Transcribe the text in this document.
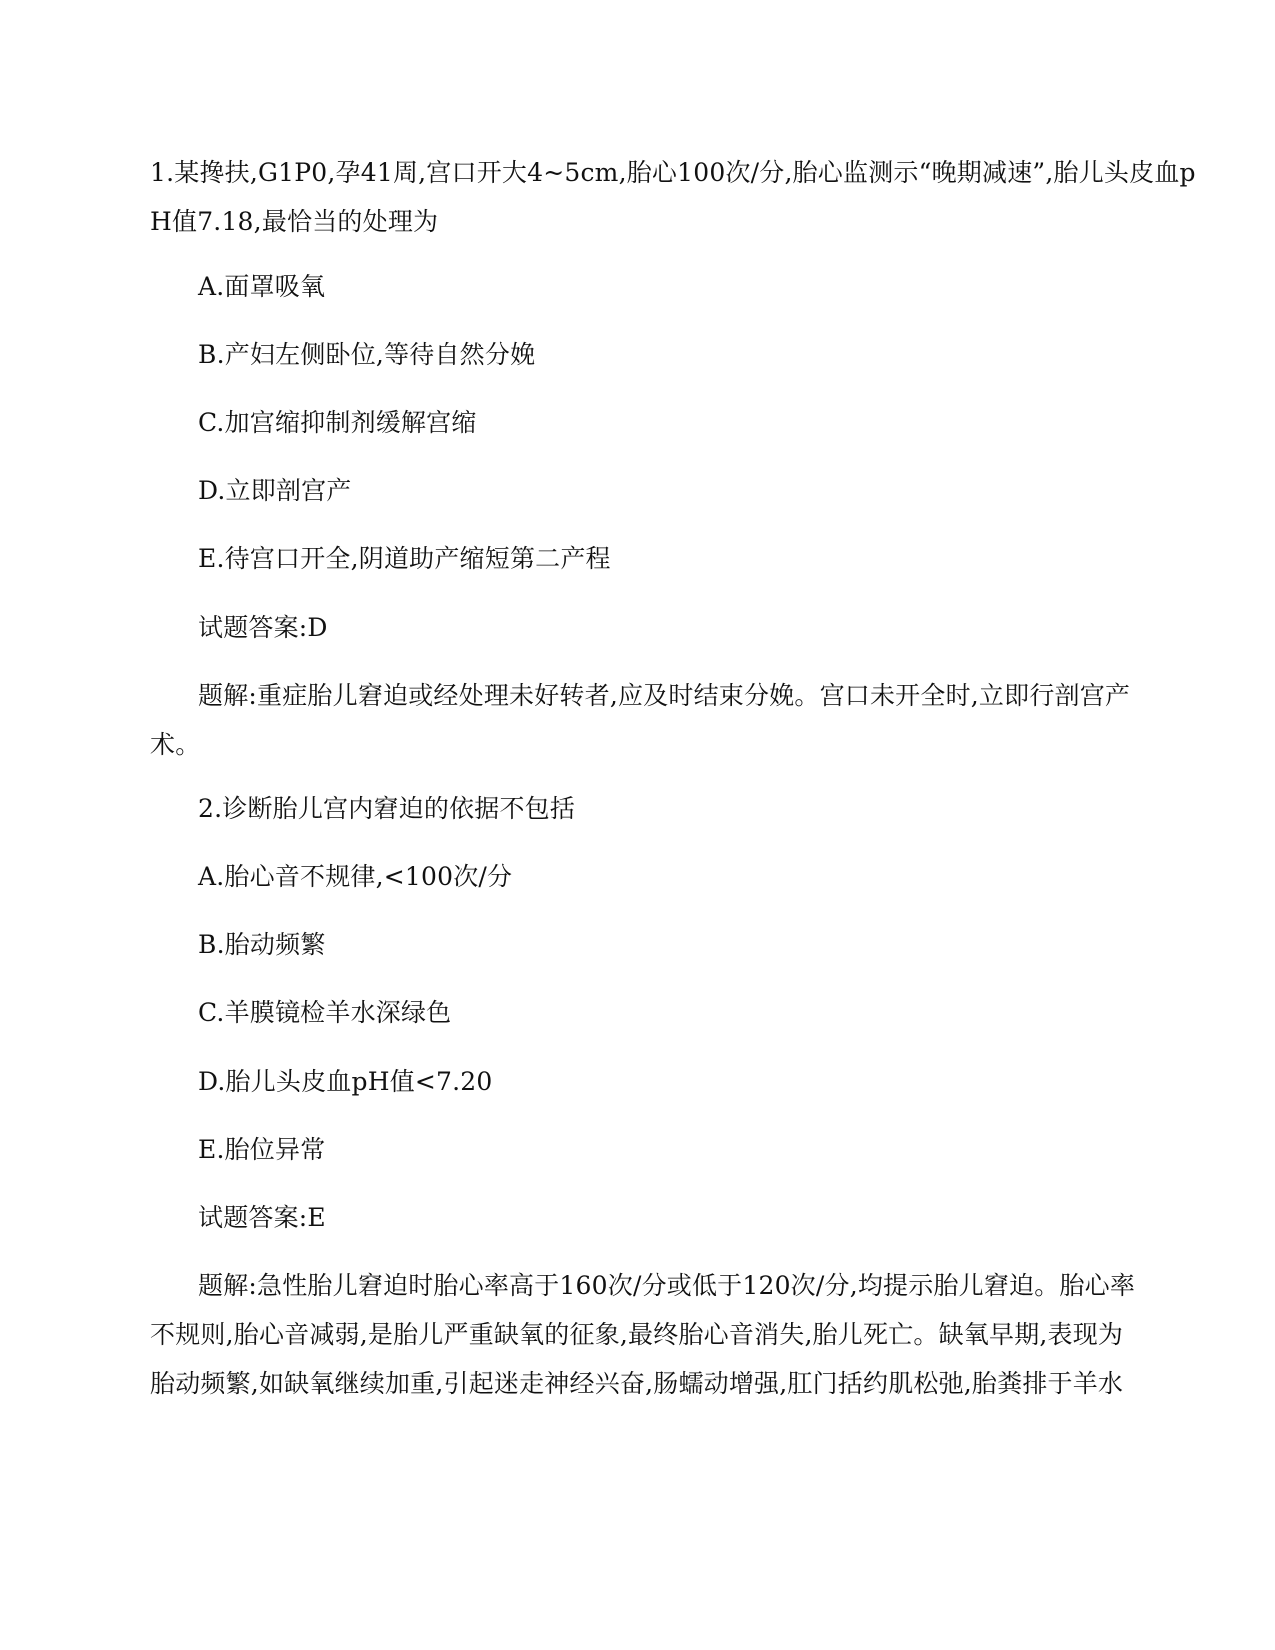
1.某搀扶,G1P0,孕41周,宫口开大4~5cm,胎心100次/分,胎心监测示“晚期减速”,胎儿头皮血p
H值7.18,最恰当的处理为

A.面罩吸氧

B.产妇左侧卧位,等待自然分娩

C.加宫缩抑制剂缓解宫缩

D.立即剖宫产

E.待宫口开全,阴道助产缩短第二产程

试题答案:D

题解:重症胎儿窘迫或经处理未好转者,应及时结束分娩。宫口未开全时,立即行剖宫产
术。

2.诊断胎儿宫内窘迫的依据不包括

A.胎心音不规律,<100次/分

B.胎动频繁

C.羊膜镜检羊水深绿色

D.胎儿头皮血pH值<7.20

E.胎位异常

试题答案:E

题解:急性胎儿窘迫时胎心率高于160次/分或低于120次/分,均提示胎儿窘迫。胎心率
不规则,胎心音减弱,是胎儿严重缺氧的征象,最终胎心音消失,胎儿死亡。缺氧早期,表现为
胎动频繁,如缺氧继续加重,引起迷走神经兴奋,肠蠕动增强,肛门括约肌松弛,胎粪排于羊水
